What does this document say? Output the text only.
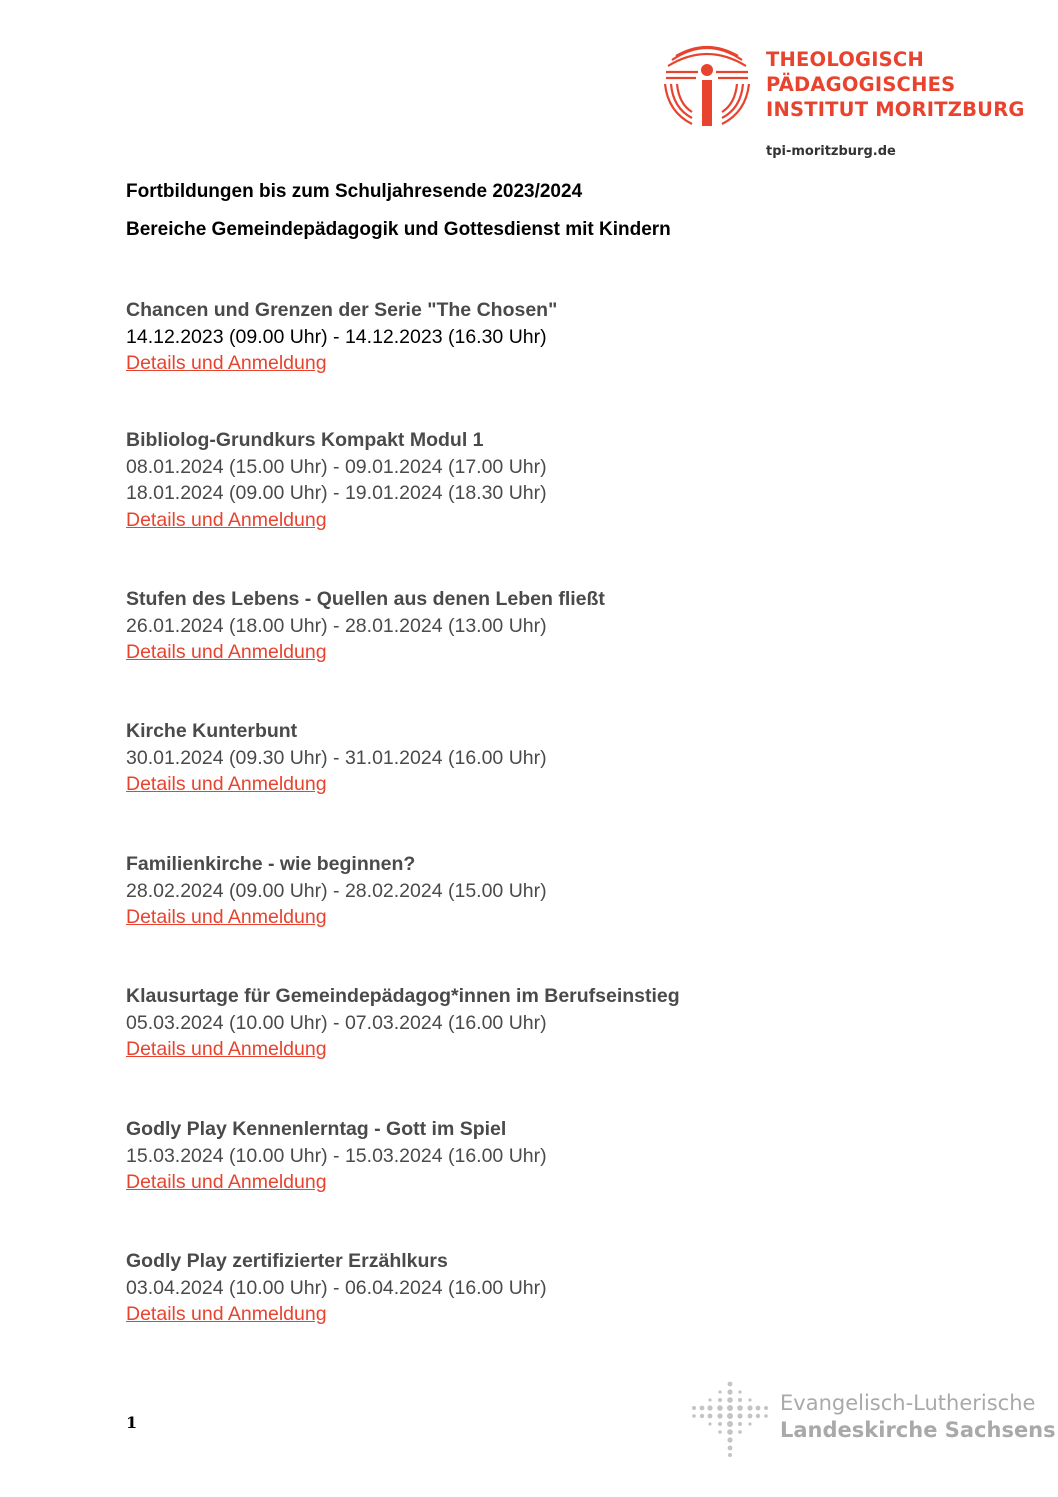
THEOLOGISCH
PÄDAGOGISCHES
INSTITUT MORITZBURG
tpi-moritzburg.de
Fortbildungen bis zum Schuljahresende 2023/2024
Bereiche Gemeindepädagogik und Gottesdienst mit Kindern
Chancen und Grenzen der Serie "The Chosen"
14.12.2023 (09.00 Uhr) - 14.12.2023 (16.30 Uhr)
Details und Anmeldung
Bibliolog-Grundkurs Kompakt Modul 1
08.01.2024 (15.00 Uhr) - 09.01.2024 (17.00 Uhr)
18.01.2024 (09.00 Uhr) - 19.01.2024 (18.30 Uhr)
Details und Anmeldung
Stufen des Lebens - Quellen aus denen Leben fließt
26.01.2024 (18.00 Uhr) - 28.01.2024 (13.00 Uhr)
Details und Anmeldung
Kirche Kunterbunt
30.01.2024 (09.30 Uhr) - 31.01.2024 (16.00 Uhr)
Details und Anmeldung
Familienkirche - wie beginnen?
28.02.2024 (09.00 Uhr) - 28.02.2024 (15.00 Uhr)
Details und Anmeldung
Klausurtage für Gemeindepädagog*innen im Berufseinstieg
05.03.2024 (10.00 Uhr) - 07.03.2024 (16.00 Uhr)
Details und Anmeldung
Godly Play Kennenlerntag - Gott im Spiel
15.03.2024 (10.00 Uhr) - 15.03.2024 (16.00 Uhr)
Details und Anmeldung
Godly Play zertifizierter Erzählkurs
03.04.2024 (10.00 Uhr) - 06.04.2024 (16.00 Uhr)
Details und Anmeldung
1
Evangelisch-Lutherische
Landeskirche Sachsens
